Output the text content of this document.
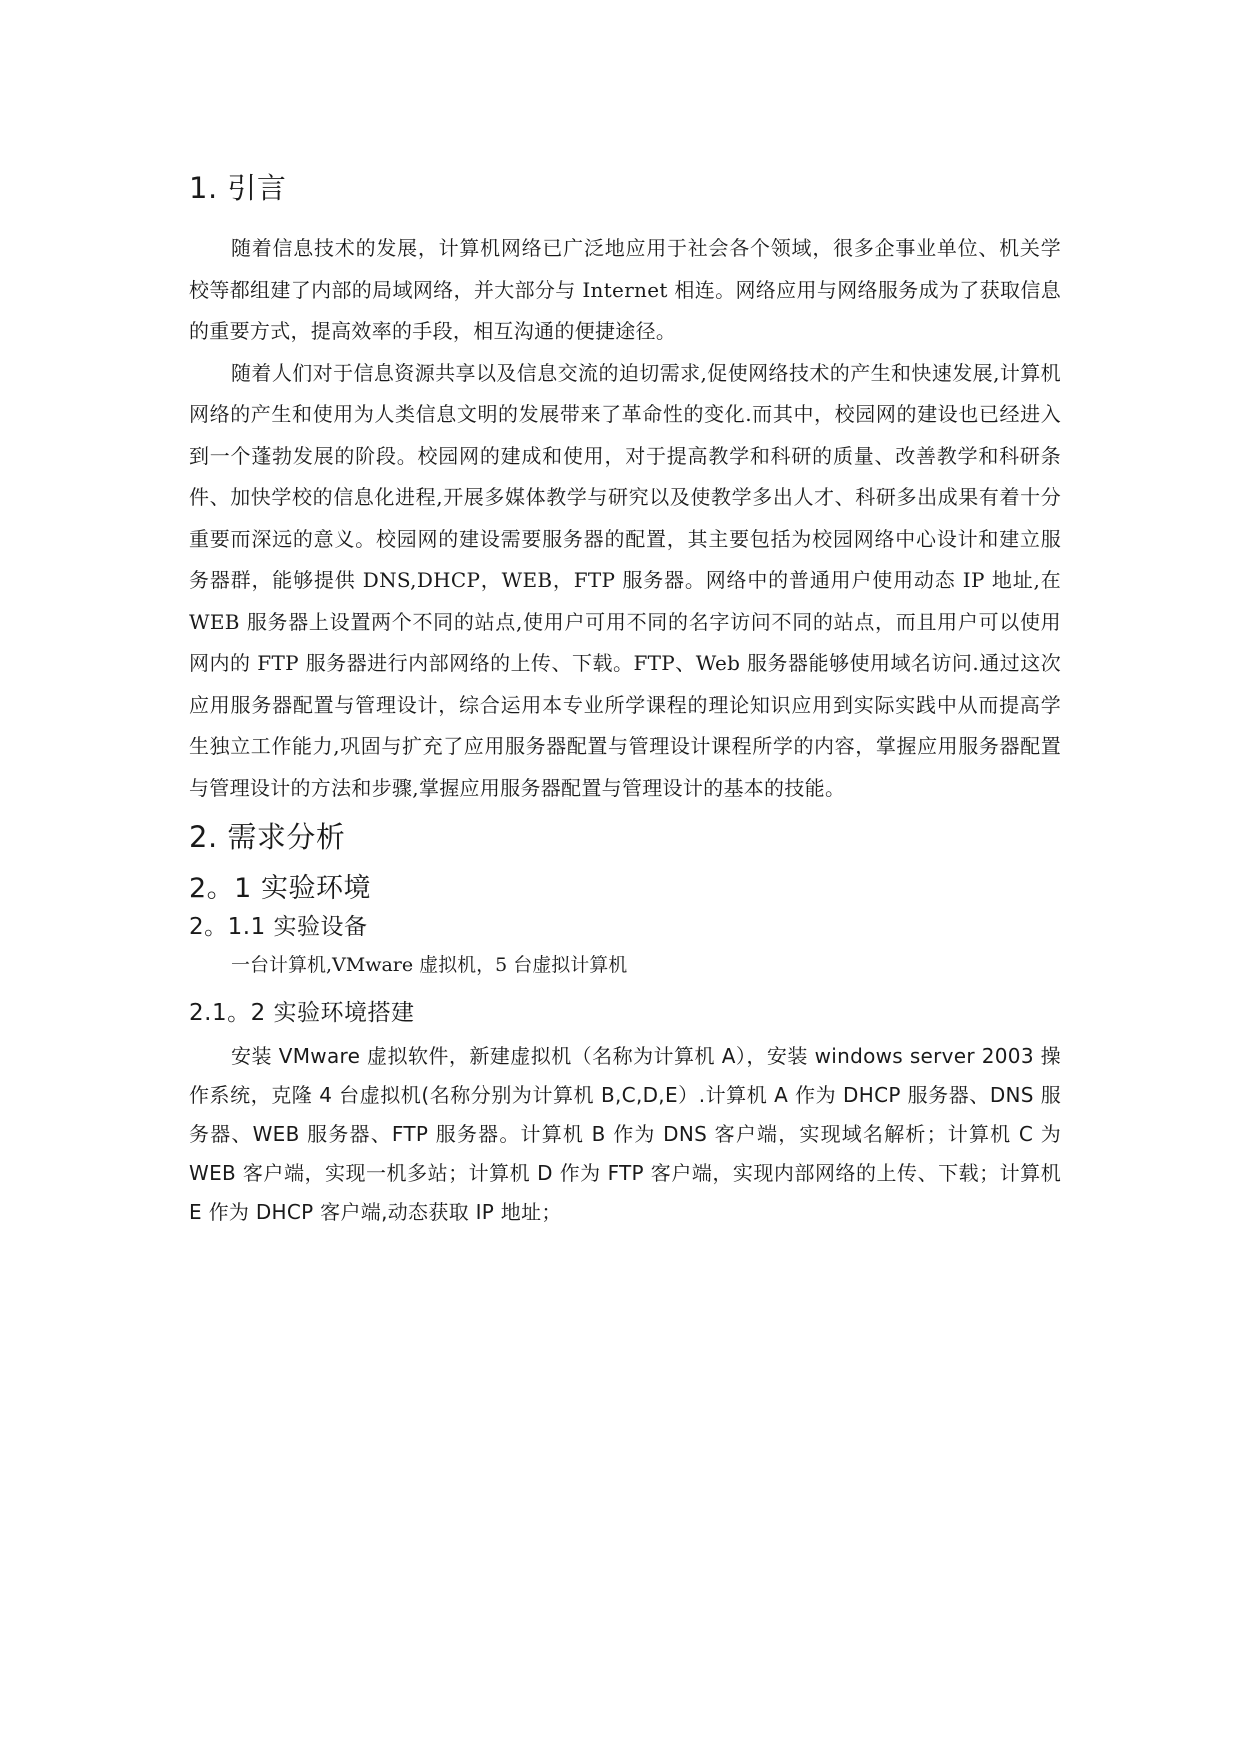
1. 引言

随着信息技术的发展，计算机网络已广泛地应用于社会各个领域，很多企事业单位、机关学校等都组建了内部的局域网络，并大部分与 Internet 相连。网络应用与网络服务成为了获取信息的重要方式，提高效率的手段，相互沟通的便捷途径。

随着人们对于信息资源共享以及信息交流的迫切需求,促使网络技术的产生和快速发展,计算机网络的产生和使用为人类信息文明的发展带来了革命性的变化.而其中，校园网的建设也已经进入到一个蓬勃发展的阶段。校园网的建成和使用，对于提高教学和科研的质量、改善教学和科研条件、加快学校的信息化进程,开展多媒体教学与研究以及使教学多出人才、科研多出成果有着十分重要而深远的意义。校园网的建设需要服务器的配置，其主要包括为校园网络中心设计和建立服务器群，能够提供 DNS,DHCP，WEB，FTP 服务器。网络中的普通用户使用动态 IP 地址,在 WEB 服务器上设置两个不同的站点,使用户可用不同的名字访问不同的站点，而且用户可以使用网内的 FTP 服务器进行内部网络的上传、下载。FTP、Web 服务器能够使用域名访问.通过这次应用服务器配置与管理设计，综合运用本专业所学课程的理论知识应用到实际实践中从而提高学生独立工作能力,巩固与扩充了应用服务器配置与管理设计课程所学的内容，掌握应用服务器配置与管理设计的方法和步骤,掌握应用服务器配置与管理设计的基本的技能。

2. 需求分析
2。1 实验环境
2。1.1 实验设备

一台计算机,VMware 虚拟机，5 台虚拟计算机

2.1。2 实验环境搭建

安装 VMware 虚拟软件，新建虚拟机（名称为计算机 A），安装 windows server 2003 操作系统，克隆 4 台虚拟机(名称分别为计算机 B,C,D,E）.计算机 A 作为 DHCP 服务器、DNS 服务器、WEB 服务器、FTP 服务器。计算机 B 作为 DNS 客户端，实现域名解析；计算机 C 为 WEB 客户端，实现一机多站；计算机 D 作为 FTP 客户端，实现内部网络的上传、下载；计算机 E 作为 DHCP 客户端,动态获取 IP 地址；
